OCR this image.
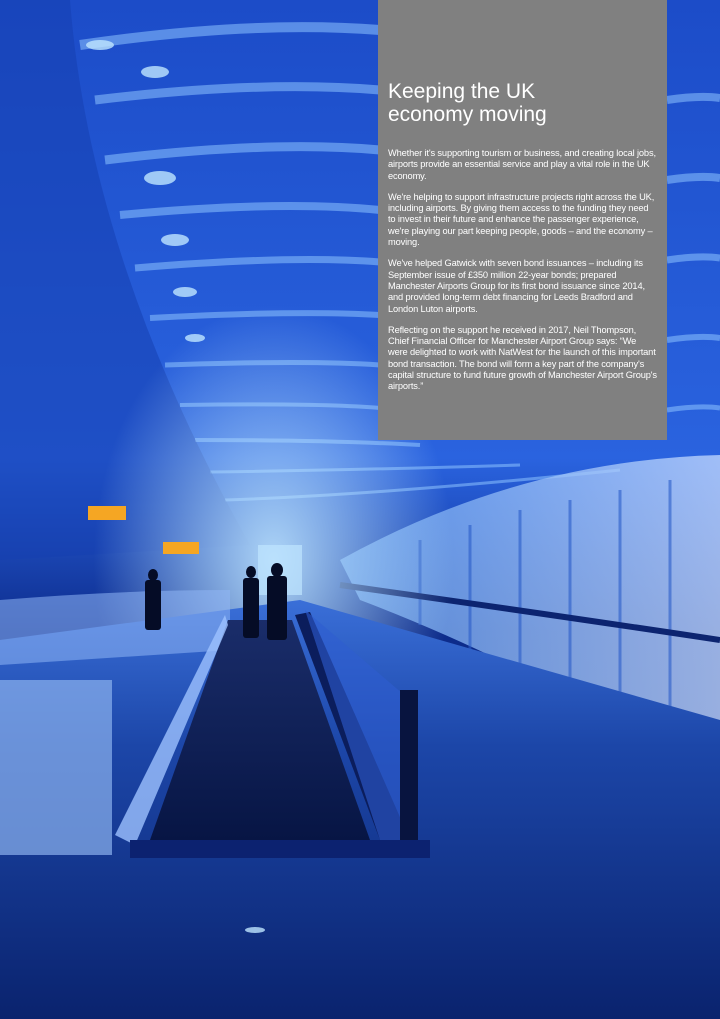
Keeping the UK
economy moving

Whether it's supporting tourism or business, and creating local jobs, airports provide an essential service and play a vital role in the UK economy.

We're helping to support infrastructure projects right across the UK, including airports. By giving them access to the funding they need to invest in their future and enhance the passenger experience, we're playing our part keeping people, goods – and the economy – moving.

We've helped Gatwick with seven bond issuances – including its September issue of £350 million 22-year bonds; prepared Manchester Airports Group for its first bond issuance since 2014, and provided long-term debt financing for Leeds Bradford and London Luton airports.

Reflecting on the support he received in 2017, Neil Thompson, Chief Financial Officer for Manchester Airport Group says: “We were delighted to work with NatWest for the launch of this important bond transaction. The bond will form a key part of the company's capital structure to fund future growth of Manchester Airport Group's airports.”
